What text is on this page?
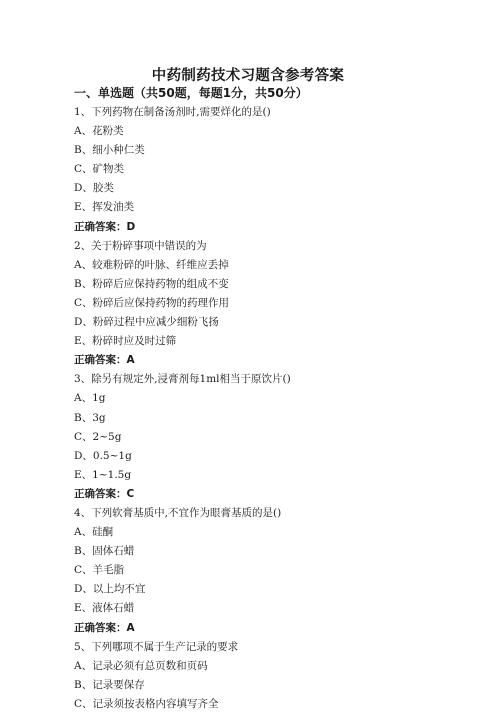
中药制药技术习题含参考答案
一、单选题（共50题，每题1分，共50分）
1、下列药物在制备汤剂时,需要烊化的是()
A、花粉类
B、细小种仁类
C、矿物类
D、胶类
E、挥发油类
正确答案：D
2、关于粉碎事项中错误的为
A、较难粉碎的叶脉、纤维应丢掉
B、粉碎后应保持药物的组成不变
C、粉碎后应保持药物的药理作用
D、粉碎过程中应减少细粉飞扬
E、粉碎时应及时过筛
正确答案：A
3、除另有规定外,浸膏剂每1ml相当于原饮片()
A、1g
B、3g
C、2~5g
D、0.5~1g
E、1~1.5g
正确答案：C
4、下列软膏基质中,不宜作为眼膏基质的是()
A、硅酮
B、固体石蜡
C、羊毛脂
D、以上均不宜
E、液体石蜡
正确答案：A
5、下列哪项不属于生产记录的要求
A、记录必须有总页数和页码
B、记录要保存
C、记录须按表格内容填写齐全
